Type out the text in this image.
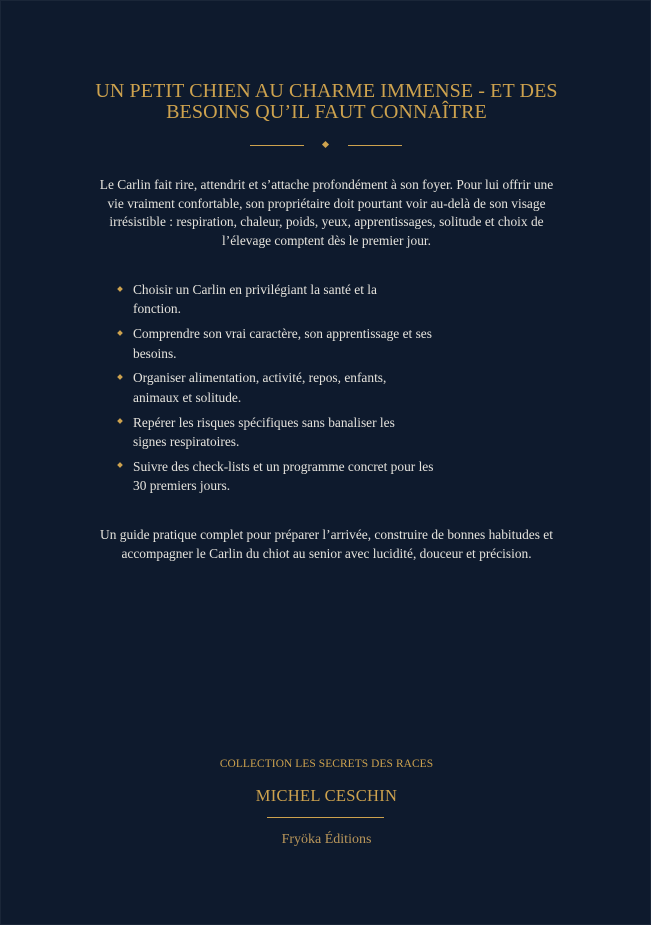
UN PETIT CHIEN AU CHARME IMMENSE - ET DES
BESOINS QU’IL FAUT CONNAÎTRE

Le Carlin fait rire, attendrit et s’attache profondément à son foyer. Pour lui offrir une
vie vraiment confortable, son propriétaire doit pourtant voir au-delà de son visage
irrésistible : respiration, chaleur, poids, yeux, apprentissages, solitude et choix de
l’élevage comptent dès le premier jour.

Choisir un Carlin en privilégiant la santé et la
fonction.
Comprendre son vrai caractère, son apprentissage et ses
besoins.
Organiser alimentation, activité, repos, enfants,
animaux et solitude.
Repérer les risques spécifiques sans banaliser les
signes respiratoires.
Suivre des check-lists et un programme concret pour les
30 premiers jours.

Un guide pratique complet pour préparer l’arrivée, construire de bonnes habitudes et
accompagner le Carlin du chiot au senior avec lucidité, douceur et précision.

COLLECTION LES SECRETS DES RACES
MICHEL CESCHIN
Fryöka Éditions
